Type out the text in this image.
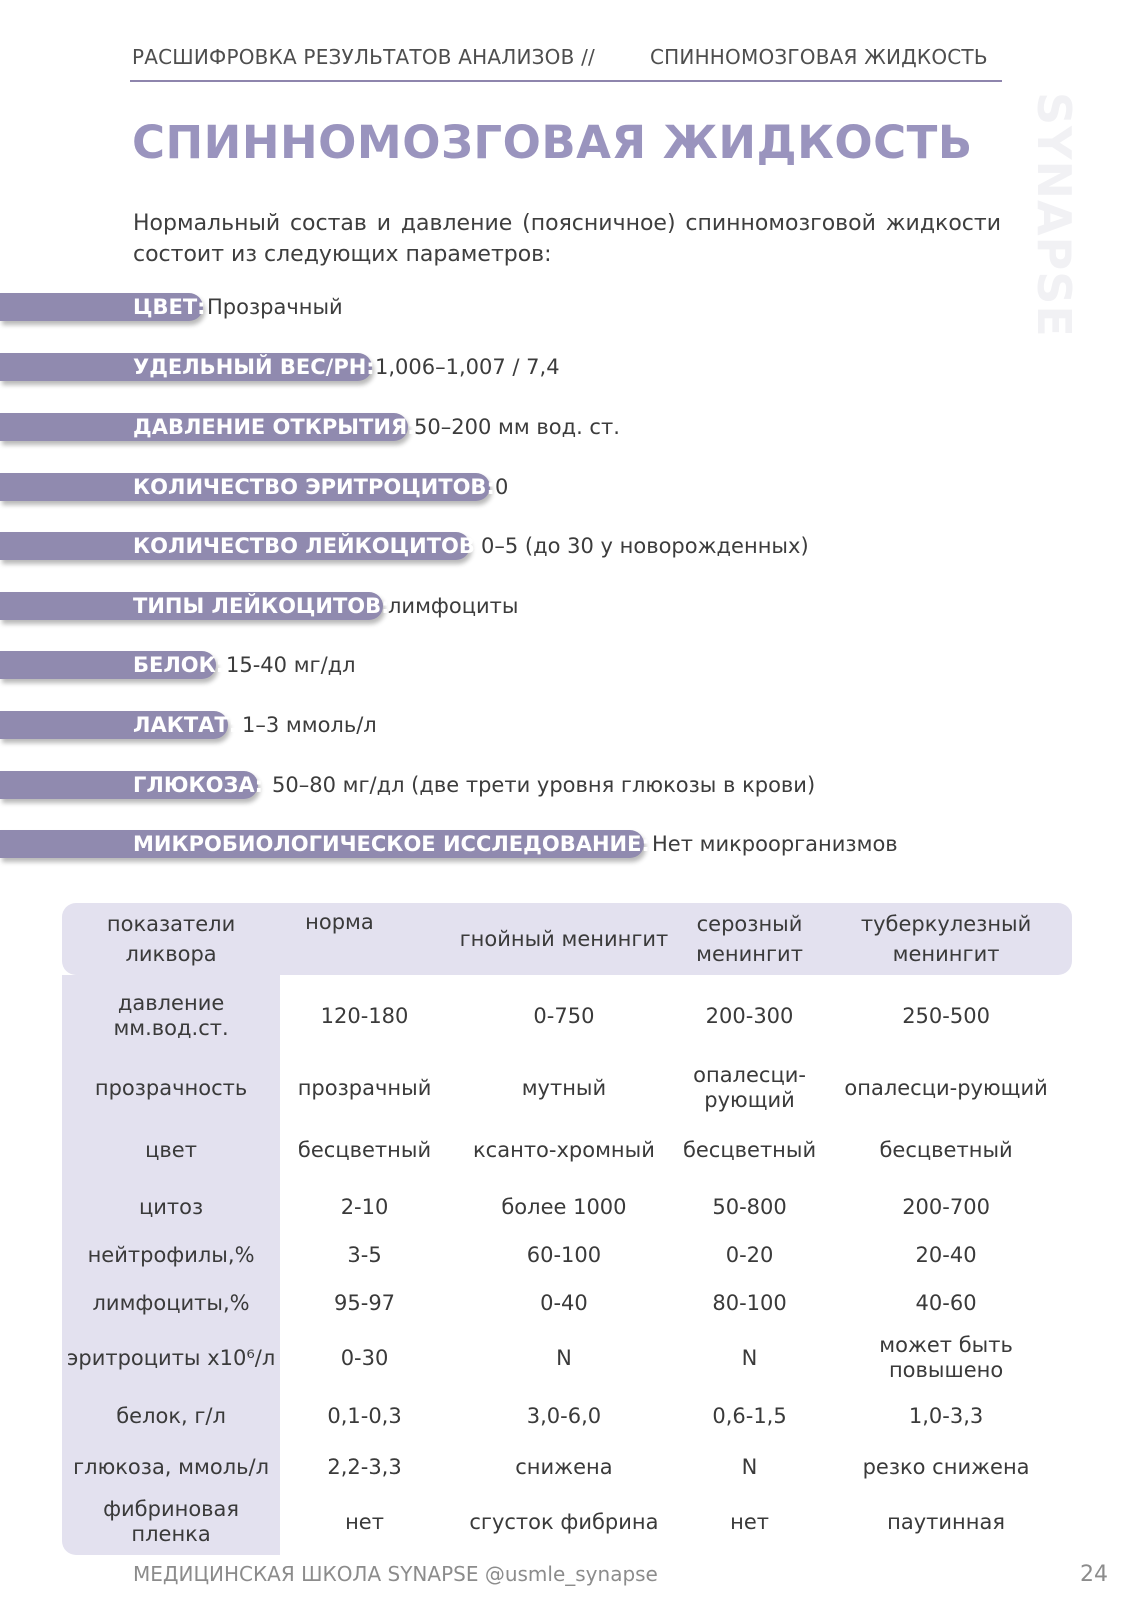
РАСШИФРОВКА РЕЗУЛЬТАТОВ АНАЛИЗОВ //	СПИННОМОЗГОВАЯ ЖИДКОСТЬ
SYNAPSE
СПИННОМОЗГОВАЯ ЖИДКОСТЬ
Нормальный состав и давление (поясничное) спинномозговой жидкости состоит из следующих параметров:
ЦВЕТ: Прозрачный
УДЕЛЬНЫЙ ВЕС/PH: 1,006–1,007 / 7,4
ДАВЛЕНИЕ ОТКРЫТИЯ:
50–200 мм вод. ст.
КОЛИЧЕСТВО ЭРИТРОЦИТОВ: 0
КОЛИЧЕСТВО ЛЕЙКОЦИТОВ:
0–5 (до 30 у новорожденных)
ТИПЫ ЛЕЙКОЦИТОВ:
лимфоциты
БЕЛОК: 15-40 мг/дл
ЛАКТАТ: 1–3 ммоль/л
ГЛЮКОЗА: 50–80 мг/дл (две трети уровня глюкозы в крови)
МИКРОБИОЛОГИЧЕСКОЕ ИССЛЕДОВАНИЕ: Нет микроорганизмов
показатели ликвора	норма	гнойный менингит	серозный менингит	туберкулезный менингит
давление мм.вод.ст.	120-180	0-750	200-300	250-500
прозрачность	прозрачный	мутный	опалесци-рующий	опалесци-рующий
цвет	бесцветный	ксанто-хромный	бесцветный	бесцветный
цитоз	2-10	более 1000	50-800	200-700
нейтрофилы,%	3-5	60-100	0-20	20-40
лимфоциты,%	95-97	0-40	80-100	40-60
эритроциты х10⁶/л	0-30	N	N	может быть повышено
белок, г/л	0,1-0,3	3,0-6,0	0,6-1,5	1,0-3,3
глюкоза, ммоль/л	2,2-3,3	снижена	N	резко снижена
фибриновая пленка	нет	сгусток фибрина	нет	паутинная
МЕДИЦИНСКАЯ ШКОЛА SYNAPSE @usmle_synapse	24
